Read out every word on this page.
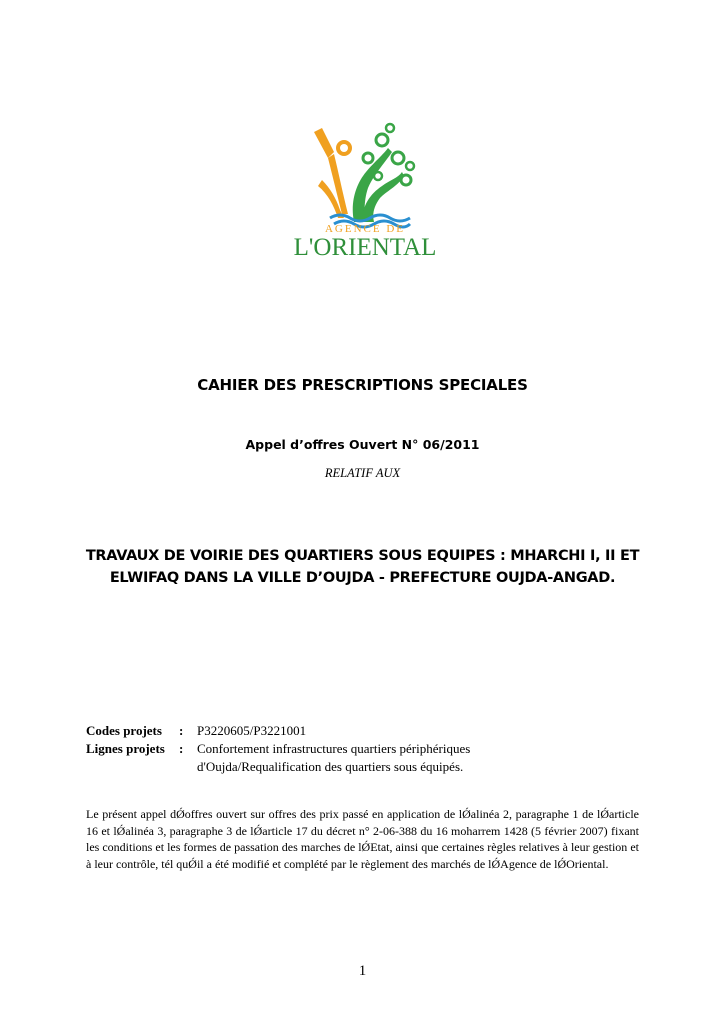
AGENCE DE
L'ORIENTAL
CAHIER DES PRESCRIPTIONS SPECIALES
Appel d’offres Ouvert N° 06/2011
RELATIF AUX
TRAVAUX DE VOIRIE DES QUARTIERS SOUS EQUIPES : MHARCHI I, II ET
ELWIFAQ DANS LA VILLE D’OUJDA - PREFECTURE OUJDA-ANGAD.
Codes projets	:	P3220605/P3221001
Lignes projets	:	Confortement infrastructures quartiers périphériques
d'Oujda/Requalification des quartiers sous équipés.
Le présent appel dǾoffres ouvert sur offres des prix passé en application de lǾalinéa 2, paragraphe 1 de lǾarticle 16 et lǾalinéa 3, paragraphe 3 de lǾarticle 17 du décret n° 2-06-388 du 16 moharrem 1428 (5 février 2007) fixant les conditions et les formes de passation des marches de lǾEtat, ainsi que certaines règles relatives à leur gestion et à leur contrôle, tél quǾil a été modifié et complété par le règlement des marchés de lǾAgence de lǾOriental.
1
